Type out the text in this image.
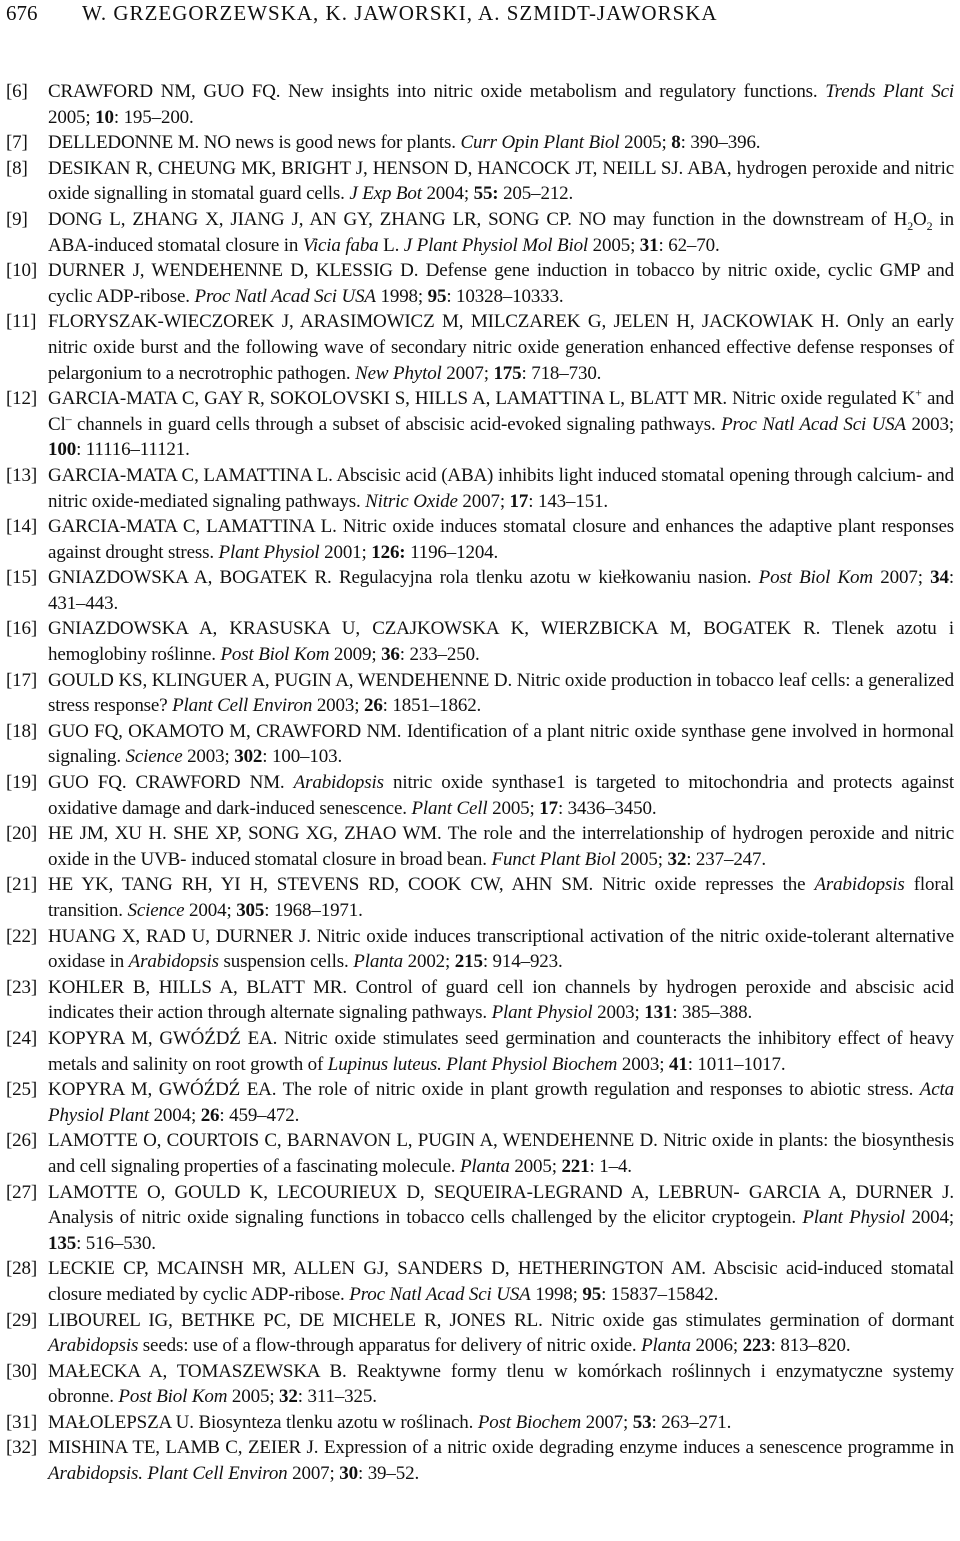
676 W. GRZEGORZEWSKA, K. JAWORSKI, A. SZMIDT-JAWORSKA
[6] CRAWFORD NM, GUO FQ. New insights into nitric oxide metabolism and regulatory functions. Trends Plant Sci 2005; 10: 195–200.
[7] DELLEDONNE M. NO news is good news for plants. Curr Opin Plant Biol 2005; 8: 390–396.
[8] DESIKAN R, CHEUNG MK, BRIGHT J, HENSON D, HANCOCK JT, NEILL SJ. ABA, hydrogen peroxide and nitric oxide signalling in stomatal guard cells. J Exp Bot 2004; 55: 205–212.
[9] DONG L, ZHANG X, JIANG J, AN GY, ZHANG LR, SONG CP. NO may function in the downstream of $H_2O_2$ in ABA-induced stomatal closure in Vicia faba L. J Plant Physiol Mol Biol 2005; 31: 62–70.
[10] DURNER J, WENDEHENNE D, KLESSIG D. Defense gene induction in tobacco by nitric oxide, cyclic GMP and cyclic ADP-ribose. Proc Natl Acad Sci USA 1998; 95: 10328–10333.
[11] FLORYSZAK-WIECZOREK J, ARASIMOWICZ M, MILCZAREK G, JELEN H, JACKOWIAK H. Only an early nitric oxide burst and the following wave of secondary nitric oxide generation enhanced effective defense responses of pelargonium to a necrotrophic pathogen. New Phytol 2007; 175: 718–730.
[12] GARCIA-MATA C, GAY R, SOKOLOVSKI S, HILLS A, LAMATTINA L, BLATT MR. Nitric oxide regulated K+ and Cl– channels in guard cells through a subset of abscisic acid-evoked signaling pathways. Proc Natl Acad Sci USA 2003; 100: 11116–11121.
[13] GARCIA-MATA C, LAMATTINA L. Abscisic acid (ABA) inhibits light induced stomatal opening through calcium- and nitric oxide-mediated signaling pathways. Nitric Oxide 2007; 17: 143–151.
[14] GARCIA-MATA C, LAMATTINA L. Nitric oxide induces stomatal closure and enhances the adaptive plant responses against drought stress. Plant Physiol 2001; 126: 1196–1204.
[15] GNIAZDOWSKA A, BOGATEK R. Regulacyjna rola tlenku azotu w kiełkowaniu nasion. Post Biol Kom 2007; 34: 431–443.
[16] GNIAZDOWSKA A, KRASUSKA U, CZAJKOWSKA K, WIERZBICKA M, BOGATEK R. Tlenek azotu i hemoglobiny roślinne. Post Biol Kom 2009; 36: 233–250.
[17] GOULD KS, KLINGUER A, PUGIN A, WENDEHENNE D. Nitric oxide production in tobacco leaf cells: a generalized stress response? Plant Cell Environ 2003; 26: 1851–1862.
[18] GUO FQ, OKAMOTO M, CRAWFORD NM. Identification of a plant nitric oxide synthase gene involved in hormonal signaling. Science 2003; 302: 100–103.
[19] GUO FQ. CRAWFORD NM. Arabidopsis nitric oxide synthase1 is targeted to mitochondria and protects against oxidative damage and dark-induced senescence. Plant Cell 2005; 17: 3436–3450.
[20] HE JM, XU H. SHE XP, SONG XG, ZHAO WM. The role and the interrelationship of hydrogen peroxide and nitric oxide in the UVB- induced stomatal closure in broad bean. Funct Plant Biol 2005; 32: 237–247.
[21] HE YK, TANG RH, YI H, STEVENS RD, COOK CW, AHN SM. Nitric oxide represses the Arabidopsis floral transition. Science 2004; 305: 1968–1971.
[22] HUANG X, RAD U, DURNER J. Nitric oxide induces transcriptional activation of the nitric oxide-tolerant alternative oxidase in Arabidopsis suspension cells. Planta 2002; 215: 914–923.
[23] KOHLER B, HILLS A, BLATT MR. Control of guard cell ion channels by hydrogen peroxide and abscisic acid indicates their action through alternate signaling pathways. Plant Physiol 2003; 131: 385–388.
[24] KOPYRA M, GWÓŹDŹ EA. Nitric oxide stimulates seed germination and counteracts the inhibitory effect of heavy metals and salinity on root growth of Lupinus luteus. Plant Physiol Biochem 2003; 41: 1011–1017.
[25] KOPYRA M, GWÓŹDŹ EA. The role of nitric oxide in plant growth regulation and responses to abiotic stress. Acta Physiol Plant 2004; 26: 459–472.
[26] LAMOTTE O, COURTOIS C, BARNAVON L, PUGIN A, WENDEHENNE D. Nitric oxide in plants: the biosynthesis and cell signaling properties of a fascinating molecule. Planta 2005; 221: 1–4.
[27] LAMOTTE O, GOULD K, LECOURIEUX D, SEQUEIRA-LEGRAND A, LEBRUN- GARCIA A, DURNER J. Analysis of nitric oxide signaling functions in tobacco cells challenged by the elicitor cryptogein. Plant Physiol 2004; 135: 516–530.
[28] LECKIE CP, MCAINSH MR, ALLEN GJ, SANDERS D, HETHERINGTON AM. Abscisic acid-induced stomatal closure mediated by cyclic ADP-ribose. Proc Natl Acad Sci USA 1998; 95: 15837–15842.
[29] LIBOUREL IG, BETHKE PC, DE MICHELE R, JONES RL. Nitric oxide gas stimulates germination of dormant Arabidopsis seeds: use of a flow-through apparatus for delivery of nitric oxide. Planta 2006; 223: 813–820.
[30] MAŁECKA A, TOMASZEWSKA B. Reaktywne formy tlenu w komórkach roślinnych i enzymatyczne systemy obronne. Post Biol Kom 2005; 32: 311–325.
[31] MAŁOLEPSZA U. Biosynteza tlenku azotu w roślinach. Post Biochem 2007; 53: 263–271.
[32] MISHINA TE, LAMB C, ZEIER J. Expression of a nitric oxide degrading enzyme induces a senescence programme in Arabidopsis. Plant Cell Environ 2007; 30: 39–52.
